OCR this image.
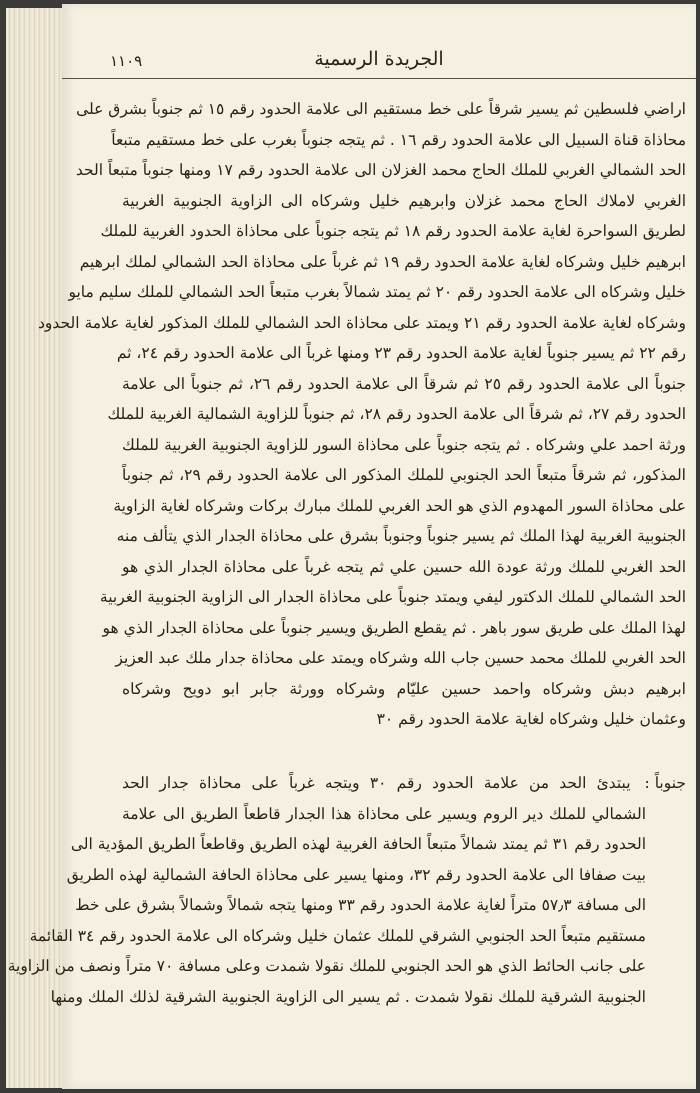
الجريدة الرسمية
١١٠٩
اراضي فلسطين ثم يسير شرقاً على خط مستقيم الى علامة الحدود رقم ١٥ ثم جنوباً بشرق على
محاذاة قناة السبيل الى علامة الحدود رقم ١٦ . ثم يتجه جنوباً بغرب على خط مستقيم متبعاً
الحد الشمالي الغربي للملك الحاج محمد الغزلان الى علامة الحدود رقم ١٧ ومنها جنوباً متبعاً الحد
الغربي لاملاك الحاج محمد غزلان وابرهيم خليل وشركاه الى الزاوية الجنوبية الغربية
لطريق السواحرة لغاية علامة الحدود رقم ١٨ ثم يتجه جنوباً على محاذاة الحدود الغربية للملك
ابرهيم خليل وشركاه لغاية علامة الحدود رقم ١٩ ثم غرباً على محاذاة الحد الشمالي لملك ابرهيم
خليل وشركاه الى علامة الحدود رقم ٢٠ ثم يمتد شمالاً بغرب متبعاً الحد الشمالي للملك سليم مايو
وشركاه لغاية علامة الحدود رقم ٢١ ويمتد على محاذاة الحد الشمالي للملك المذكور لغاية علامة الحدود
رقم ٢٢ ثم يسير جنوباً لغاية علامة الحدود رقم ٢٣ ومنها غرباً الى علامة الحدود رقم ٢٤، ثم
جنوباً الى علامة الحدود رقم ٢٥ ثم شرقاً الى علامة الحدود رقم ٢٦، ثم جنوباً الى علامة
الحدود رقم ٢٧، ثم شرقاً الى علامة الحدود رقم ٢٨، ثم جنوباً للزاوية الشمالية الغربية للملك
ورثة احمد علي وشركاه . ثم يتجه جنوباً على محاذاة السور للزاوية الجنوبية الغربية للملك
المذكور، ثم شرقاً متبعاً الحد الجنوبي للملك المذكور الى علامة الحدود رقم ٢٩، ثم جنوباً
على محاذاة السور المهدوم الذي هو الحد الغربي للملك مبارك بركات وشركاه لغاية الزاوية
الجنوبية الغربية لهذا الملك ثم يسير جنوباً وجنوباً بشرق على محاذاة الجدار الذي يتألف منه
الحد الغربي للملك ورثة عودة الله حسين علي ثم يتجه غرباً على محاذاة الجدار الذي هو
الحد الشمالي للملك الدكتور ليفي ويمتد جنوباً على محاذاة الجدار الى الزاوية الجنوبية الغربية
لهذا الملك على طريق سور باهر . ثم يقطع الطريق ويسير جنوباً على محاذاة الجدار الذي هو
الحد الغربي للملك محمد حسين جاب الله وشركاه ويمتد على محاذاة جدار ملك عبد العزيز
ابرهيم دبش وشركاه واحمد حسين عليّام وشركاه وورثة جابر ابو دويح وشركاه
وعثمان خليل وشركاه لغاية علامة الحدود رقم ٣٠
جنوباً :
يبتدئ الحد من علامة الحدود رقم ٣٠ ويتجه غرباً على محاذاة جدار الحد
الشمالي للملك دير الروم ويسير على محاذاة هذا الجدار قاطعاً الطريق الى علامة
الحدود رقم ٣١ ثم يمتد شمالاً متبعاً الحافة الغربية لهذه الطريق وقاطعاً الطريق المؤدية الى
بيت صفافا الى علامة الحدود رقم ٣٢، ومنها يسير على محاذاة الحافة الشمالية لهذه الطريق
الى مسافة ٥٧٫٣ متراً لغاية علامة الحدود رقم ٣٣ ومنها يتجه شمالاً وشمالاً بشرق على خط
مستقيم متبعاً الحد الجنوبي الشرقي للملك عثمان خليل وشركاه الى علامة الحدود رقم ٣٤ القائمة
على جانب الحائط الذي هو الحد الجنوبي للملك نقولا شمدت وعلى مسافة ٧٠ متراً ونصف من الزاوية
الجنوبية الشرقية للملك نقولا شمدت . ثم يسير الى الزاوية الجنوبية الشرقية لذلك الملك ومنها
